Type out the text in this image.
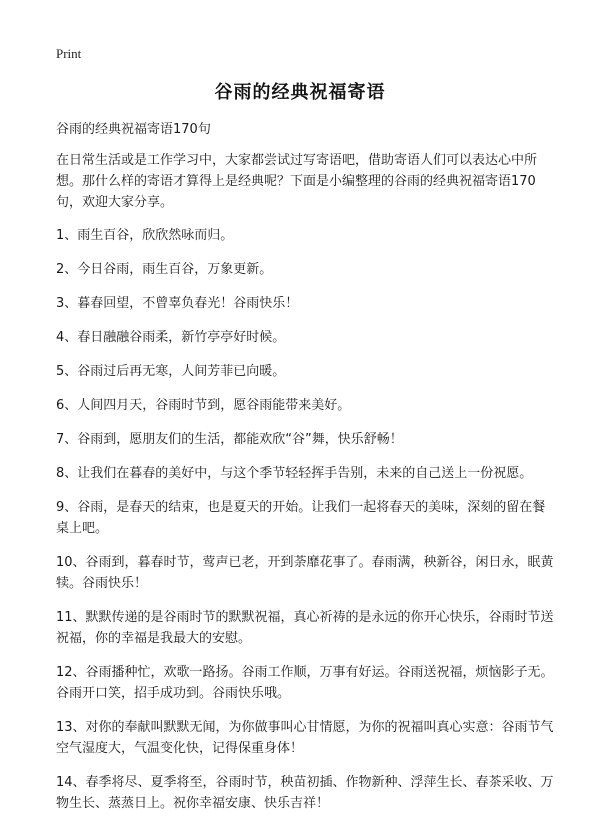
Print
谷雨的经典祝福寄语

谷雨的经典祝福寄语170句

在日常生活或是工作学习中，大家都尝试过写寄语吧，借助寄语人们可以表达心中所想。那什么样的寄语才算得上是经典呢？下面是小编整理的谷雨的经典祝福寄语170句，欢迎大家分享。

1、雨生百谷，欣欣然咏而归。

2、今日谷雨，雨生百谷，万象更新。

3、暮春回望，不曾辜负春光！谷雨快乐！

4、春日融融谷雨柔，新竹亭亭好时候。

5、谷雨过后再无寒，人间芳菲已向暖。

6、人间四月天，谷雨时节到，愿谷雨能带来美好。

7、谷雨到，愿朋友们的生活，都能欢欣“谷”舞，快乐舒畅！

8、让我们在暮春的美好中，与这个季节轻轻挥手告别，未来的自己送上一份祝愿。

9、谷雨，是春天的结束，也是夏天的开始。让我们一起将春天的美味，深刻的留在餐桌上吧。

10、谷雨到，暮春时节，莺声已老，开到荼靡花事了。春雨满，秧新谷，闲日永，眠黄犊。谷雨快乐！

11、默默传递的是谷雨时节的默默祝福，真心祈祷的是永远的你开心快乐，谷雨时节送祝福，你的幸福是我最大的安慰。

12、谷雨播种忙，欢歌一路扬。谷雨工作顺，万事有好运。谷雨送祝福，烦恼影子无。谷雨开口笑，招手成功到。谷雨快乐哦。

13、对你的奉献叫默默无闻，为你做事叫心甘情愿，为你的祝福叫真心实意：谷雨节气空气湿度大，气温变化快，记得保重身体！

14、春季将尽、夏季将至，谷雨时节，秧苗初插、作物新种、浮萍生长、春茶采收、万物生长、蒸蒸日上。祝你幸福安康、快乐吉祥！
